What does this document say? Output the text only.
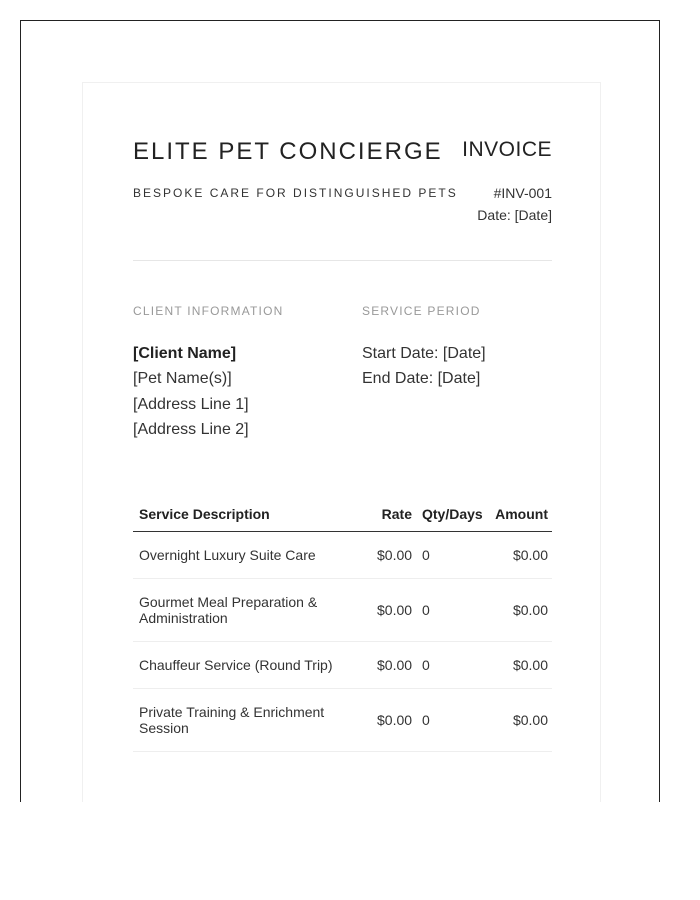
ELITE PET CONCIERGE INVOICE
BESPOKE CARE FOR DISTINGUISHED PETS	#INV-001
Date: [Date]
CLIENT INFORMATION	SERVICE PERIOD
[Client Name]
[Pet Name(s)]
[Address Line 1]
[Address Line 2]
Start Date: [Date]
End Date: [Date]
Service Description	Rate	Qty/Days	Amount
Overnight Luxury Suite Care	$0.00	0	$0.00
Gourmet Meal Preparation & Administration	$0.00	0	$0.00
Chauffeur Service (Round Trip)	$0.00	0	$0.00
Private Training & Enrichment Session	$0.00	0	$0.00
